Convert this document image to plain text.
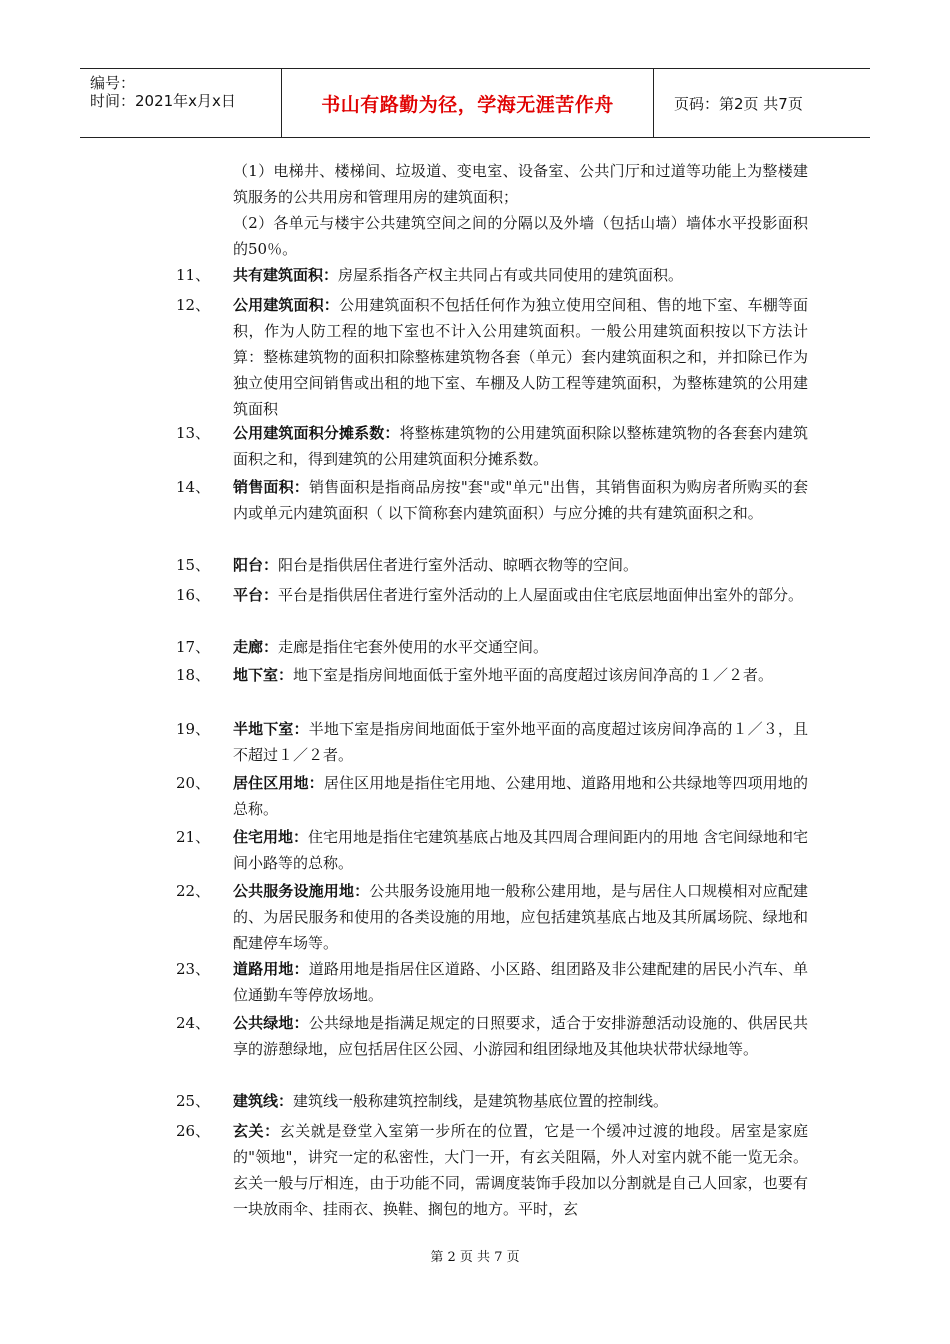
编号：
时间：2021年x月x日	书山有路勤为径，学海无涯苦作舟	页码：第2页 共7页
（1）电梯井、楼梯间、垃圾道、变电室、设备室、公共门厅和过道等功能上为整楼建筑服务的公共用房和管理用房的建筑面积；
（2）各单元与楼宇公共建筑空间之间的分隔以及外墙（包括山墙）墙体水平投影面积的50％。
11、	共有建筑面积：房屋系指各产权主共同占有或共同使用的建筑面积。
12、	公用建筑面积：公用建筑面积不包括任何作为独立使用空间租、售的地下室、车棚等面积，作为人防工程的地下室也不计入公用建筑面积。一般公用建筑面积按以下方法计算：整栋建筑物的面积扣除整栋建筑物各套（单元）套内建筑面积之和，并扣除已作为独立使用空间销售或出租的地下室、车棚及人防工程等建筑面积，为整栋建筑的公用建筑面积
13、	公用建筑面积分摊系数：将整栋建筑物的公用建筑面积除以整栋建筑物的各套套内建筑面积之和，得到建筑的公用建筑面积分摊系数。
14、	销售面积：销售面积是指商品房按"套"或"单元"出售，其销售面积为购房者所购买的套内或单元内建筑面积（ 以下简称套内建筑面积）与应分摊的共有建筑面积之和。
15、	阳台：阳台是指供居住者进行室外活动、晾晒衣物等的空间。
16、	平台：平台是指供居住者进行室外活动的上人屋面或由住宅底层地面伸出室外的部分。
17、	走廊：走廊是指住宅套外使用的水平交通空间。
18、	地下室：地下室是指房间地面低于室外地平面的高度超过该房间净高的１／２者。
19、	半地下室：半地下室是指房间地面低于室外地平面的高度超过该房间净高的１／３，且不超过１／２者。
20、	居住区用地：居住区用地是指住宅用地、公建用地、道路用地和公共绿地等四项用地的总称。
21、	住宅用地：住宅用地是指住宅建筑基底占地及其四周合理间距内的用地 含宅间绿地和宅间小路等的总称。
22、	公共服务设施用地：公共服务设施用地一般称公建用地，是与居住人口规模相对应配建的、为居民服务和使用的各类设施的用地，应包括建筑基底占地及其所属场院、绿地和配建停车场等。
23、	道路用地：道路用地是指居住区道路、小区路、组团路及非公建配建的居民小汽车、单位通勤车等停放场地。
24、	公共绿地：公共绿地是指满足规定的日照要求，适合于安排游憩活动设施的、供居民共享的游憩绿地，应包括居住区公园、小游园和组团绿地及其他块状带状绿地等。
25、	建筑线：建筑线一般称建筑控制线，是建筑物基底位置的控制线。
26、	玄关：玄关就是登堂入室第一步所在的位置，它是一个缓冲过渡的地段。居室是家庭的"领地"，讲究一定的私密性，大门一开，有玄关阻隔，外人对室内就不能一览无余。玄关一般与厅相连，由于功能不同，需调度装饰手段加以分割就是自己人回家，也要有一块放雨伞、挂雨衣、换鞋、搁包的地方。平时，玄
第 2 页 共 7 页
